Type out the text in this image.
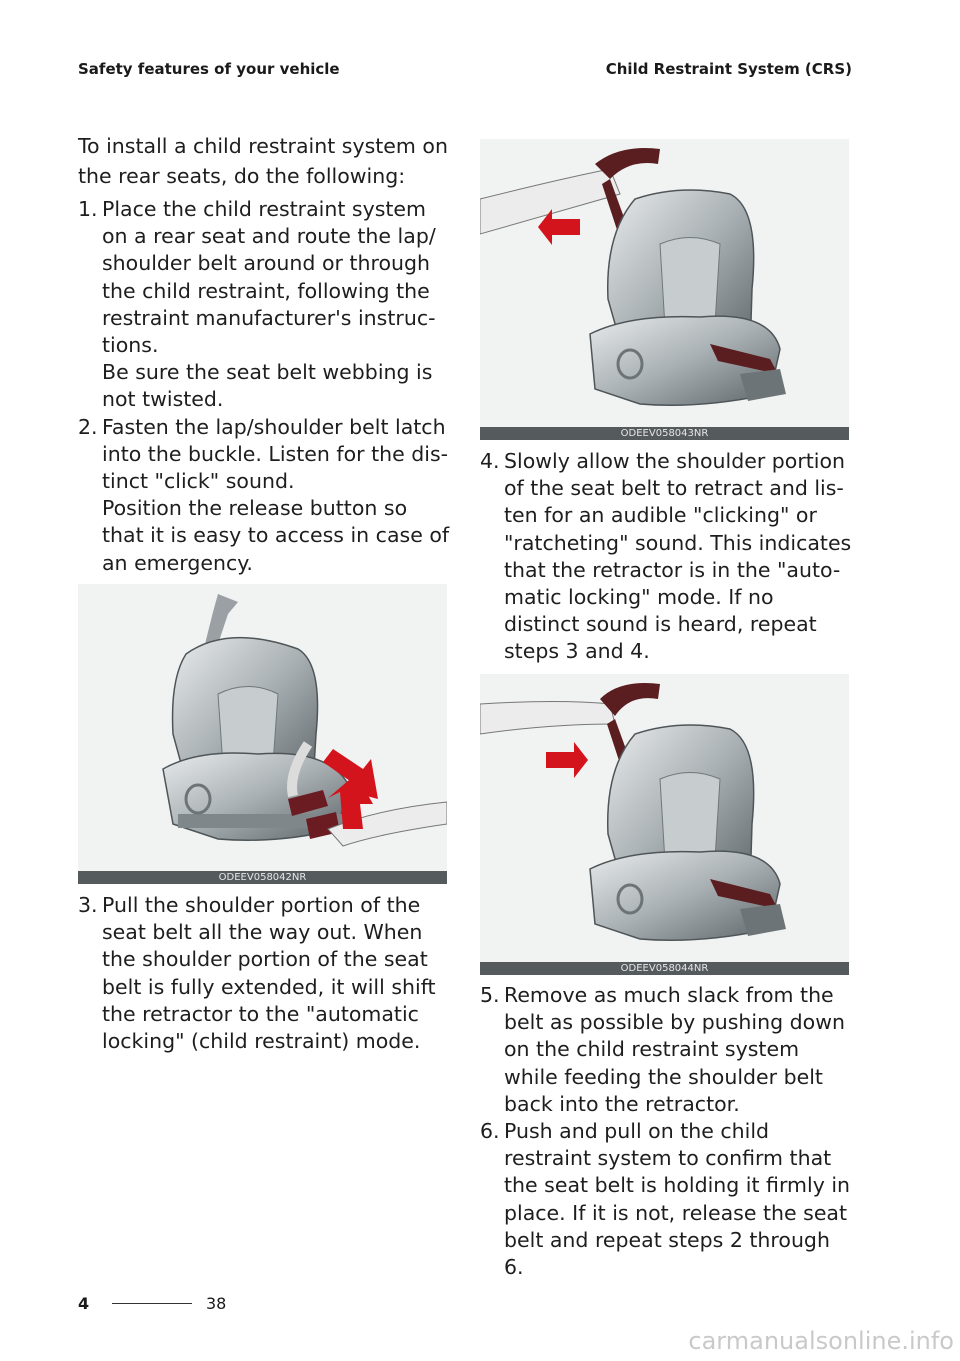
Safety features of your vehicle	Child Restraint System (CRS)

To install a child restraint system on the rear seats, do the following:

1. Place the child restraint system on a rear seat and route the lap/ shoulder belt around or through the child restraint, following the restraint manufacturer's instruc- tions.
Be sure the seat belt webbing is not twisted.
2. Fasten the lap/shoulder belt latch into the buckle. Listen for the dis- tinct "click" sound.
Position the release button so that it is easy to access in case of an emergency.
ODEEV058042NR
3. Pull the shoulder portion of the seat belt all the way out. When the shoulder portion of the seat belt is fully extended, it will shift the retractor to the "automatic locking" (child restraint) mode.
ODEEV058043NR
4. Slowly allow the shoulder portion of the seat belt to retract and lis- ten for an audible "clicking" or "ratcheting" sound. This indicates that the retractor is in the "auto- matic locking" mode. If no distinct sound is heard, repeat steps 3 and 4.
ODEEV058044NR
5. Remove as much slack from the belt as possible by pushing down on the child restraint system while feeding the shoulder belt back into the retractor.
6. Push and pull on the child restraint system to confirm that the seat belt is holding it firmly in place. If it is not, release the seat belt and repeat steps 2 through 6.
4	38
carmanualsonline.info
